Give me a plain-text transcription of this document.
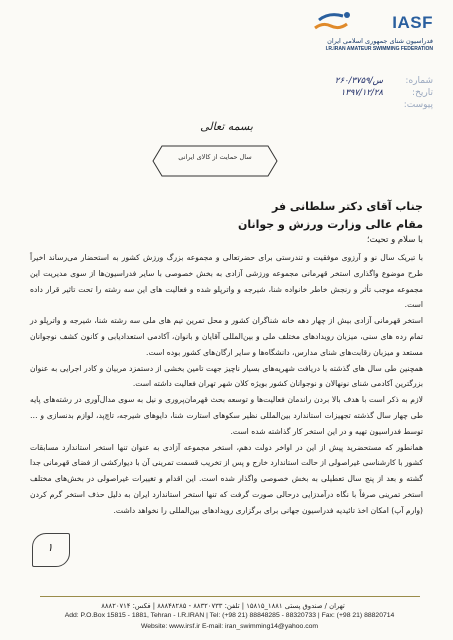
IASF
فدراسیون شنای جمهوری اسلامی ایران
I.R.IRAN AMATEUR SWIMMING FEDERATION
شماره:
۲۶۰/۳۷۵۹/س
تاریخ:
۱۳۹۷/۱۲/۲۸
پیوست:
بسمه تعالی
سال حمایت از کالای ایرانی
جناب آقای دکتر سلطانی فر
مقام عالی وزارت ورزش و جوانان
با سلام و تحیت؛

با تبریک سال نو و آرزوی موفقیت و تندرستی برای حضرتعالی و مجموعه بزرگ ورزش کشور به استحضار می‌رساند اخیراً طرح موضوع واگذاری استخر قهرمانی مجموعه ورزشی آزادی به بخش خصوصی با سایر فدراسیون‌ها از سوی مدیریت این مجموعه موجب تأثر و رنجش خاطر خانواده شنا، شیرجه و واترپلو شده و فعالیت های این سه رشته را تحت تاثیر قرار داده است.

استخر قهرمانی آزادی بیش از چهار دهه خانه شناگران کشور و محل تمرین تیم های ملی سه رشته شنا، شیرجه و واترپلو در تمام رده های سنی، میزبان رویدادهای مختلف ملی و بین‌المللی آقایان و بانوان، آکادمی استعدادیابی و کانون کشف نوجوانان مستعد و میزبان رقابت‌های شنای مدارس، دانشگاه‌ها و سایر ارگان‌های کشور بوده است.

همچنین طی سال های گذشته با دریافت شهریه‌های بسیار ناچیز جهت تامین بخشی از دستمزد مربیان و کادر اجرایی به عنوان بزرگترین آکادمی شنای نونهالان و نوجوانان کشور بویژه کلان شهر تهران فعالیت داشته است.

لازم به ذکر است با هدف بالا بردن راندمان فعالیت‌ها و توسعه بحث قهرمان‌پروری و نیل به سوی مدال‌آوری در رشته‌های پایه طی چهار سال گذشته تجهیزات استاندارد بین‌المللی نظیر سکوهای استارت شنا، دایوهای شیرجه، تاچ‌پد، لوازم بدنسازی و … توسط فدراسیون تهیه و در این استخر کار گذاشته شده است.

همانطور که مستحضرید پیش از این در اواخر دولت دهم، استخر مجموعه آزادی به عنوان تنها استخر استاندارد مسابقات کشور با کارشناسی غیراصولی از حالت استاندارد خارج و پس از تخریب قسمت تمرینی آن با دیوارکشی از فضای قهرمانی جدا گشته و بعد از پنج سال تعطیلی به بخش خصوصی واگذار شده است. این اقدام و تغییرات غیراصولی در بخش‌های مختلف استخر تمرینی صرفاً با نگاه درآمدزایی درحالی صورت گرفت که تنها استخر استاندارد ایران به دلیل حذف استخر گرم کردن (وارم آپ) امکان اخذ تائیدیه فدراسیون جهانی برای برگزاری رویدادهای بین‌المللی را نخواهد داشت.

۱
تهران / صندوق پستی ۱۸۸۱_۱۵۸۱۵ | تلفن: ۸۸۳۲۰۷۳۳ - ۸۸۸۴۸۲۸۵ | فکس: ۸۸۸۲۰۷۱۴
Add: P.O.Box 15815 - 1881, Tehran - I.R.IRAN | Tel: (+98 21) 88848285 - 88320733 | Fax: (+98 21) 88820714
Website: www.irsf.ir E-mail: iran_swimming14@yahoo.com
